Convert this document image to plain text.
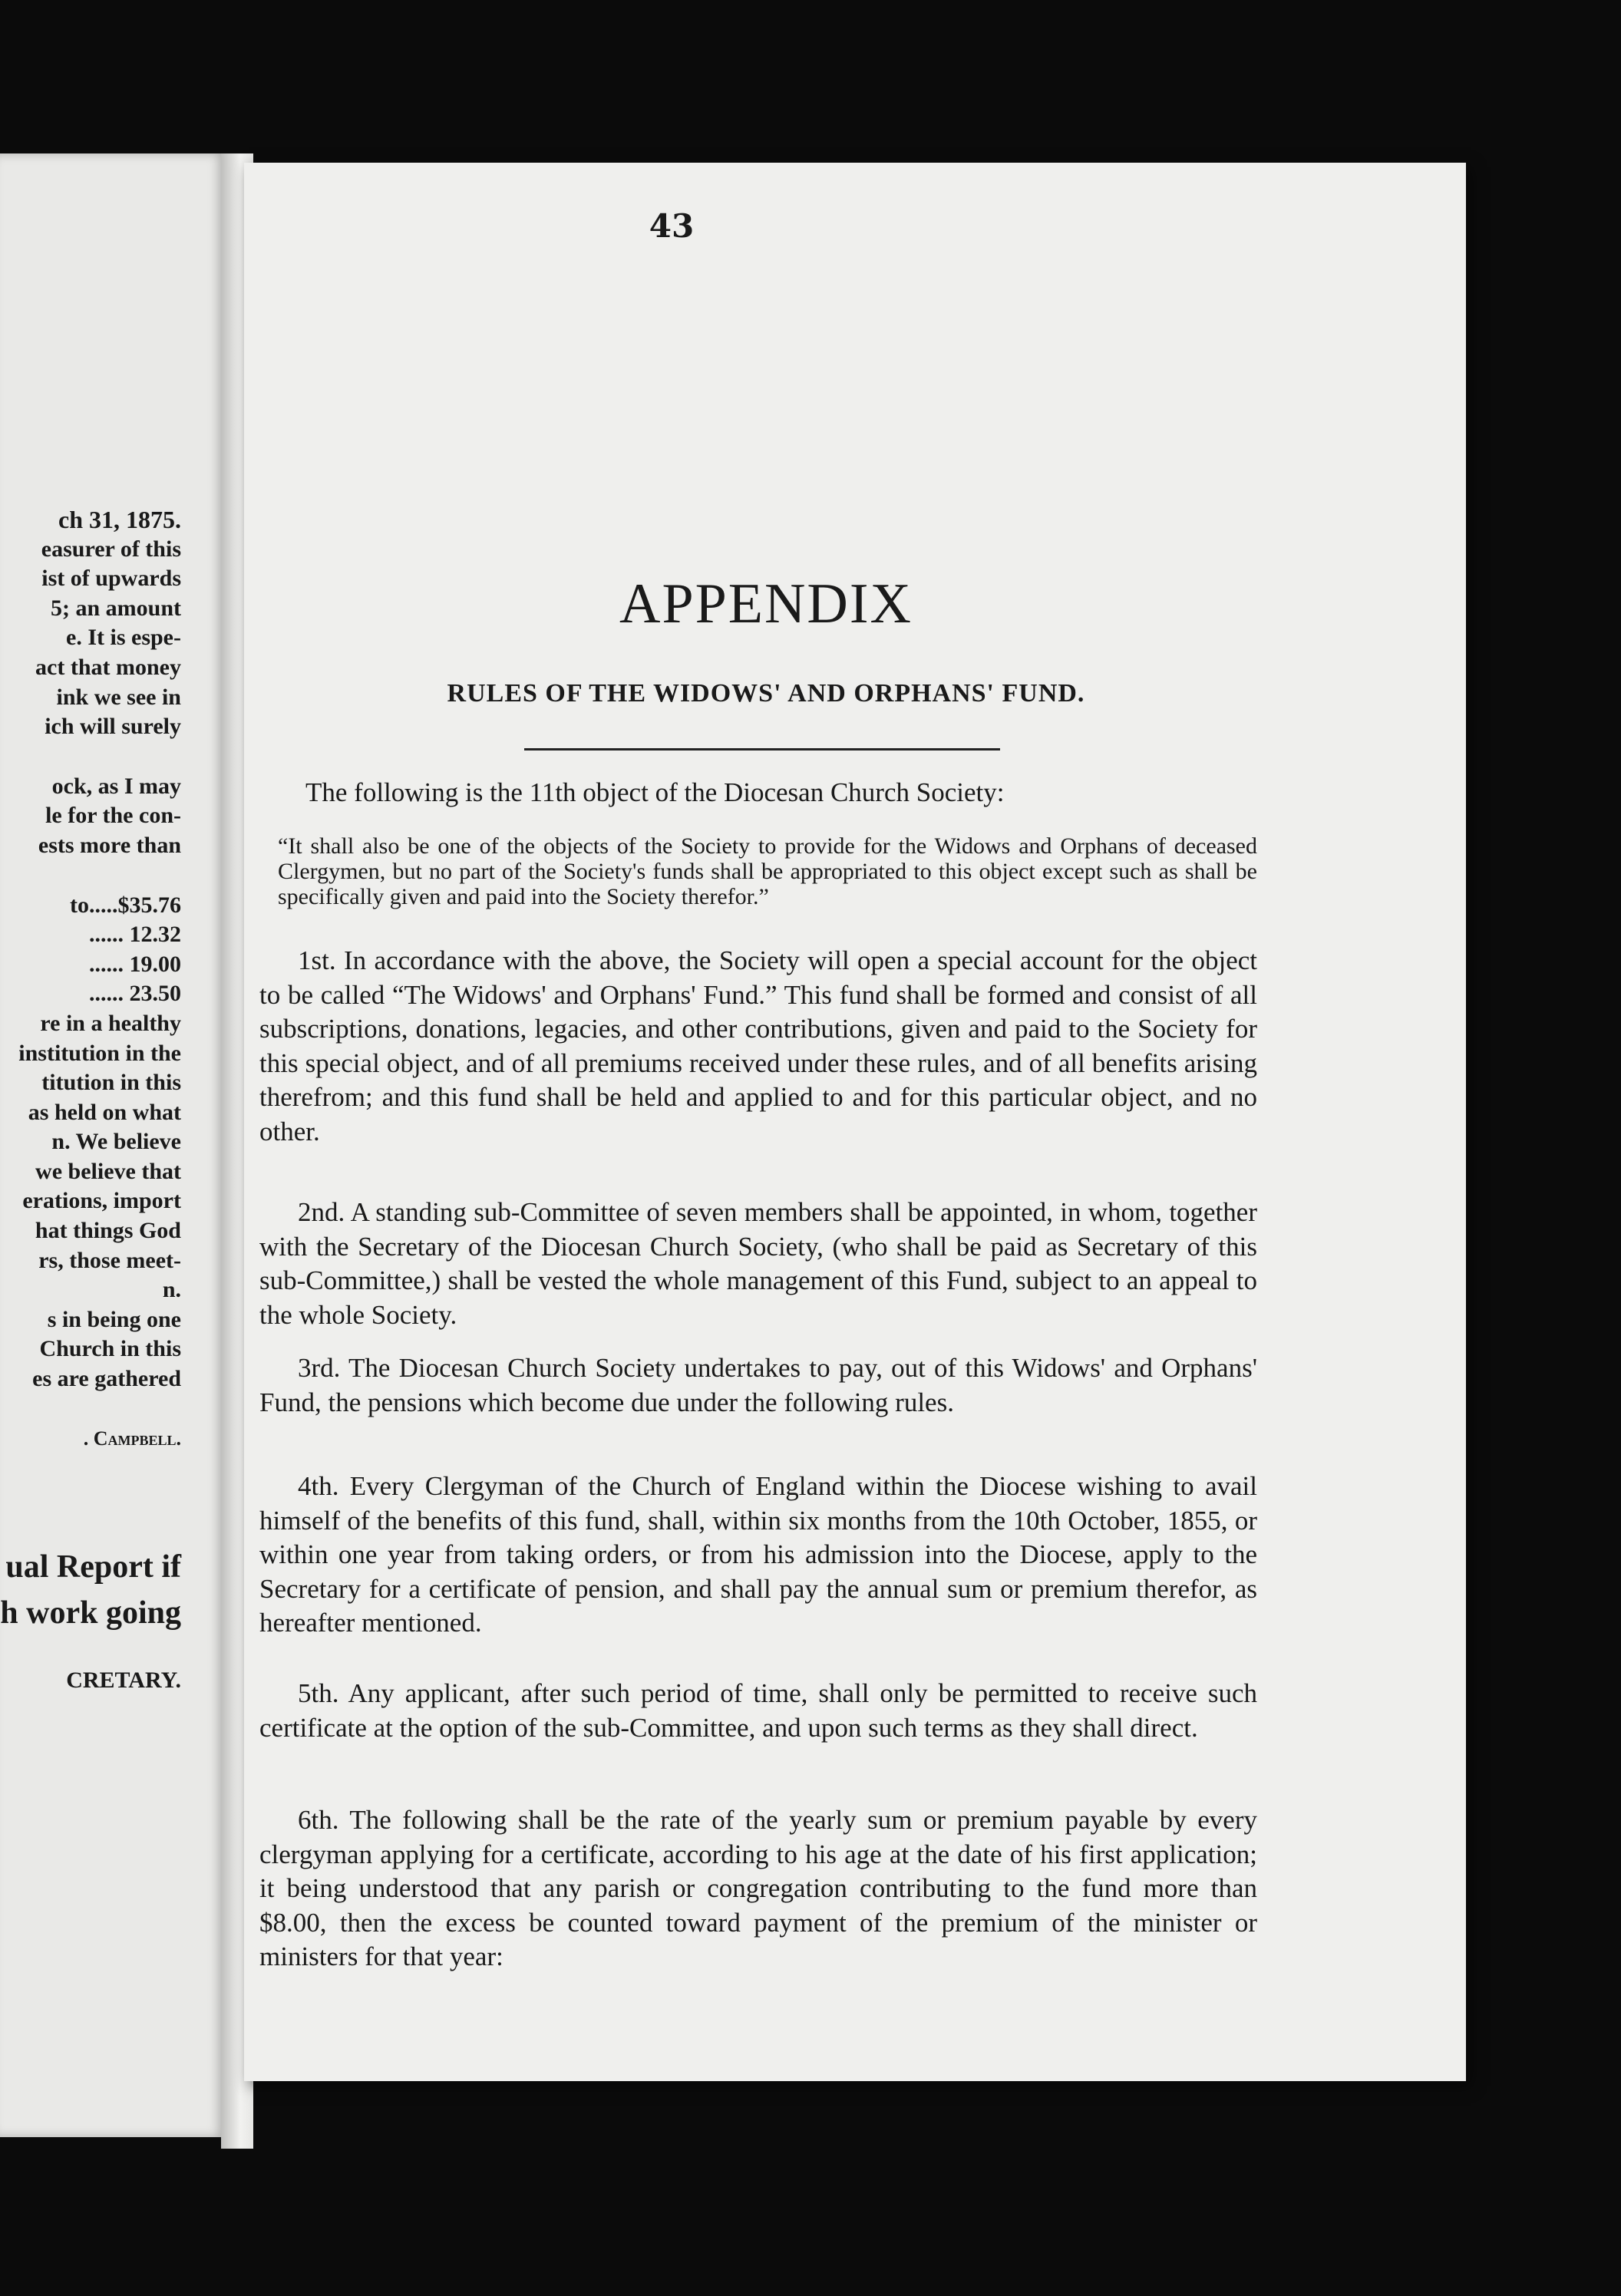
ch 31, 1875.
easurer of this
ist of upwards
5; an amount
e. It is espe-
act that money
ink we see in
ich will surely
ock, as I may
le for the con-
ests more than
to.....$35.76
...... 12.32
...... 19.00
...... 23.50
re in a healthy
institution in the
titution in this
as held on what
n. We believe
we believe that
erations, import
hat things God
rs, those meet-
n.
s in being one
Church in this
es are gathered
. Campbell.
ual Report if
h work going
CRETARY.
43
APPENDIX
RULES OF THE WIDOWS' AND ORPHANS' FUND.
The following is the 11th object of the Diocesan Church Society:
“It shall also be one of the objects of the Society to provide for the Widows and Orphans of deceased Clergymen, but no part of the Society's funds shall be appropriated to this object except such as shall be specifically given and paid into the Society therefor.”
1st. In accordance with the above, the Society will open a special account for the object to be called “The Widows' and Orphans' Fund.” This fund shall be formed and consist of all subscriptions, donations, legacies, and other contributions, given and paid to the Society for this special object, and of all premiums received under these rules, and of all benefits arising therefrom; and this fund shall be held and applied to and for this particular object, and no other.
2nd. A standing sub-Committee of seven members shall be appointed, in whom, together with the Secretary of the Diocesan Church Society, (who shall be paid as Secretary of this sub-Committee,) shall be vested the whole management of this Fund, subject to an appeal to the whole Society.
3rd. The Diocesan Church Society undertakes to pay, out of this Widows' and Orphans' Fund, the pensions which become due under the following rules.
4th. Every Clergyman of the Church of England within the Diocese wishing to avail himself of the benefits of this fund, shall, within six months from the 10th October, 1855, or within one year from taking orders, or from his admission into the Diocese, apply to the Secretary for a certificate of pension, and shall pay the annual sum or premium therefor, as hereafter mentioned.
5th. Any applicant, after such period of time, shall only be permitted to receive such certificate at the option of the sub-Committee, and upon such terms as they shall direct.
6th. The following shall be the rate of the yearly sum or premium payable by every clergyman applying for a certificate, according to his age at the date of his first application; it being understood that any parish or congregation contributing to the fund more than $8.00, then the excess be counted toward payment of the premium of the minister or ministers for that year:
